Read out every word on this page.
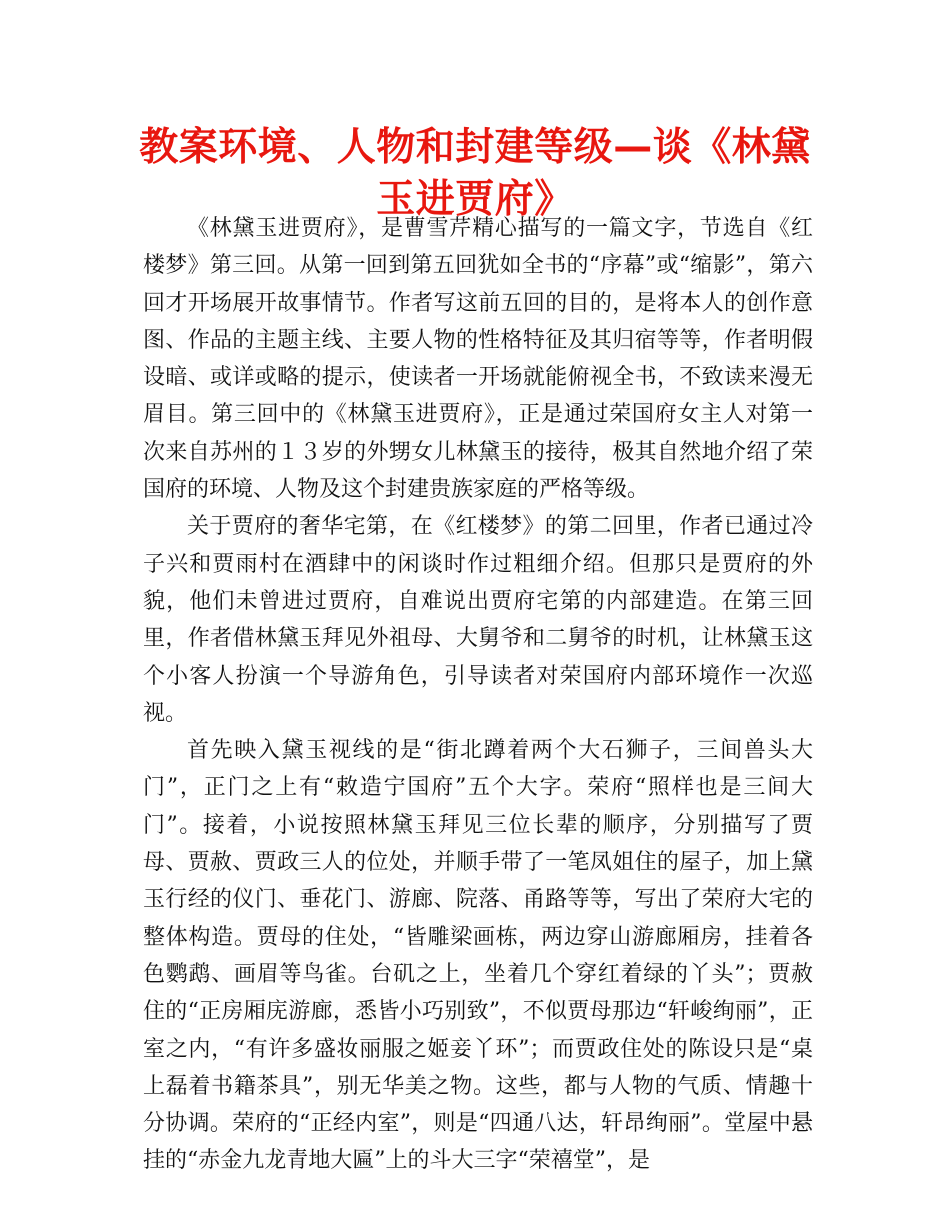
教案环境、人物和封建等级—谈《林黛玉进贾府》

《林黛玉进贾府》，是曹雪芹精心描写的一篇文字，节选自《红楼梦》第三回。从第一回到第五回犹如全书的“序幕”或“缩影”，第六回才开场展开故事情节。作者写这前五回的目的，是将本人的创作意图、作品的主题主线、主要人物的性格特征及其归宿等等，作者明假设暗、或详或略的提示，使读者一开场就能俯视全书，不致读来漫无眉目。第三回中的《林黛玉进贾府》，正是通过荣国府女主人对第一次来自苏州的１３岁的外甥女儿林黛玉的接待，极其自然地介绍了荣国府的环境、人物及这个封建贵族家庭的严格等级。

关于贾府的奢华宅第，在《红楼梦》的第二回里，作者已通过冷子兴和贾雨村在酒肆中的闲谈时作过粗细介绍。但那只是贾府的外貌，他们未曾进过贾府，自难说出贾府宅第的内部建造。在第三回里，作者借林黛玉拜见外祖母、大舅爷和二舅爷的时机，让林黛玉这个小客人扮演一个导游角色，引导读者对荣国府内部环境作一次巡视。

首先映入黛玉视线的是“街北蹲着两个大石狮子，三间兽头大门”，正门之上有“敕造宁国府”五个大字。荣府“照样也是三间大门”。接着，小说按照林黛玉拜见三位长辈的顺序，分别描写了贾母、贾赦、贾政三人的位处，并顺手带了一笔凤姐住的屋子，加上黛玉行经的仪门、垂花门、游廊、院落、甬路等等，写出了荣府大宅的整体构造。贾母的住处，“皆雕梁画栋，两边穿山游廊厢房，挂着各色鹦鹉、画眉等鸟雀。台矶之上，坐着几个穿红着绿的丫头”；贾赦住的“正房厢庑游廊，悉皆小巧别致”，不似贾母那边“轩峻绚丽”，正室之内，“有许多盛妆丽服之姬妾丫环”；而贾政住处的陈设只是“桌上磊着书籍茶具”，别无华美之物。这些，都与人物的气质、情趣十分协调。荣府的“正经内室”，则是“四通八达，轩昂绚丽”。堂屋中悬挂的“赤金九龙青地大匾”上的斗大三字“荣禧堂”，是
